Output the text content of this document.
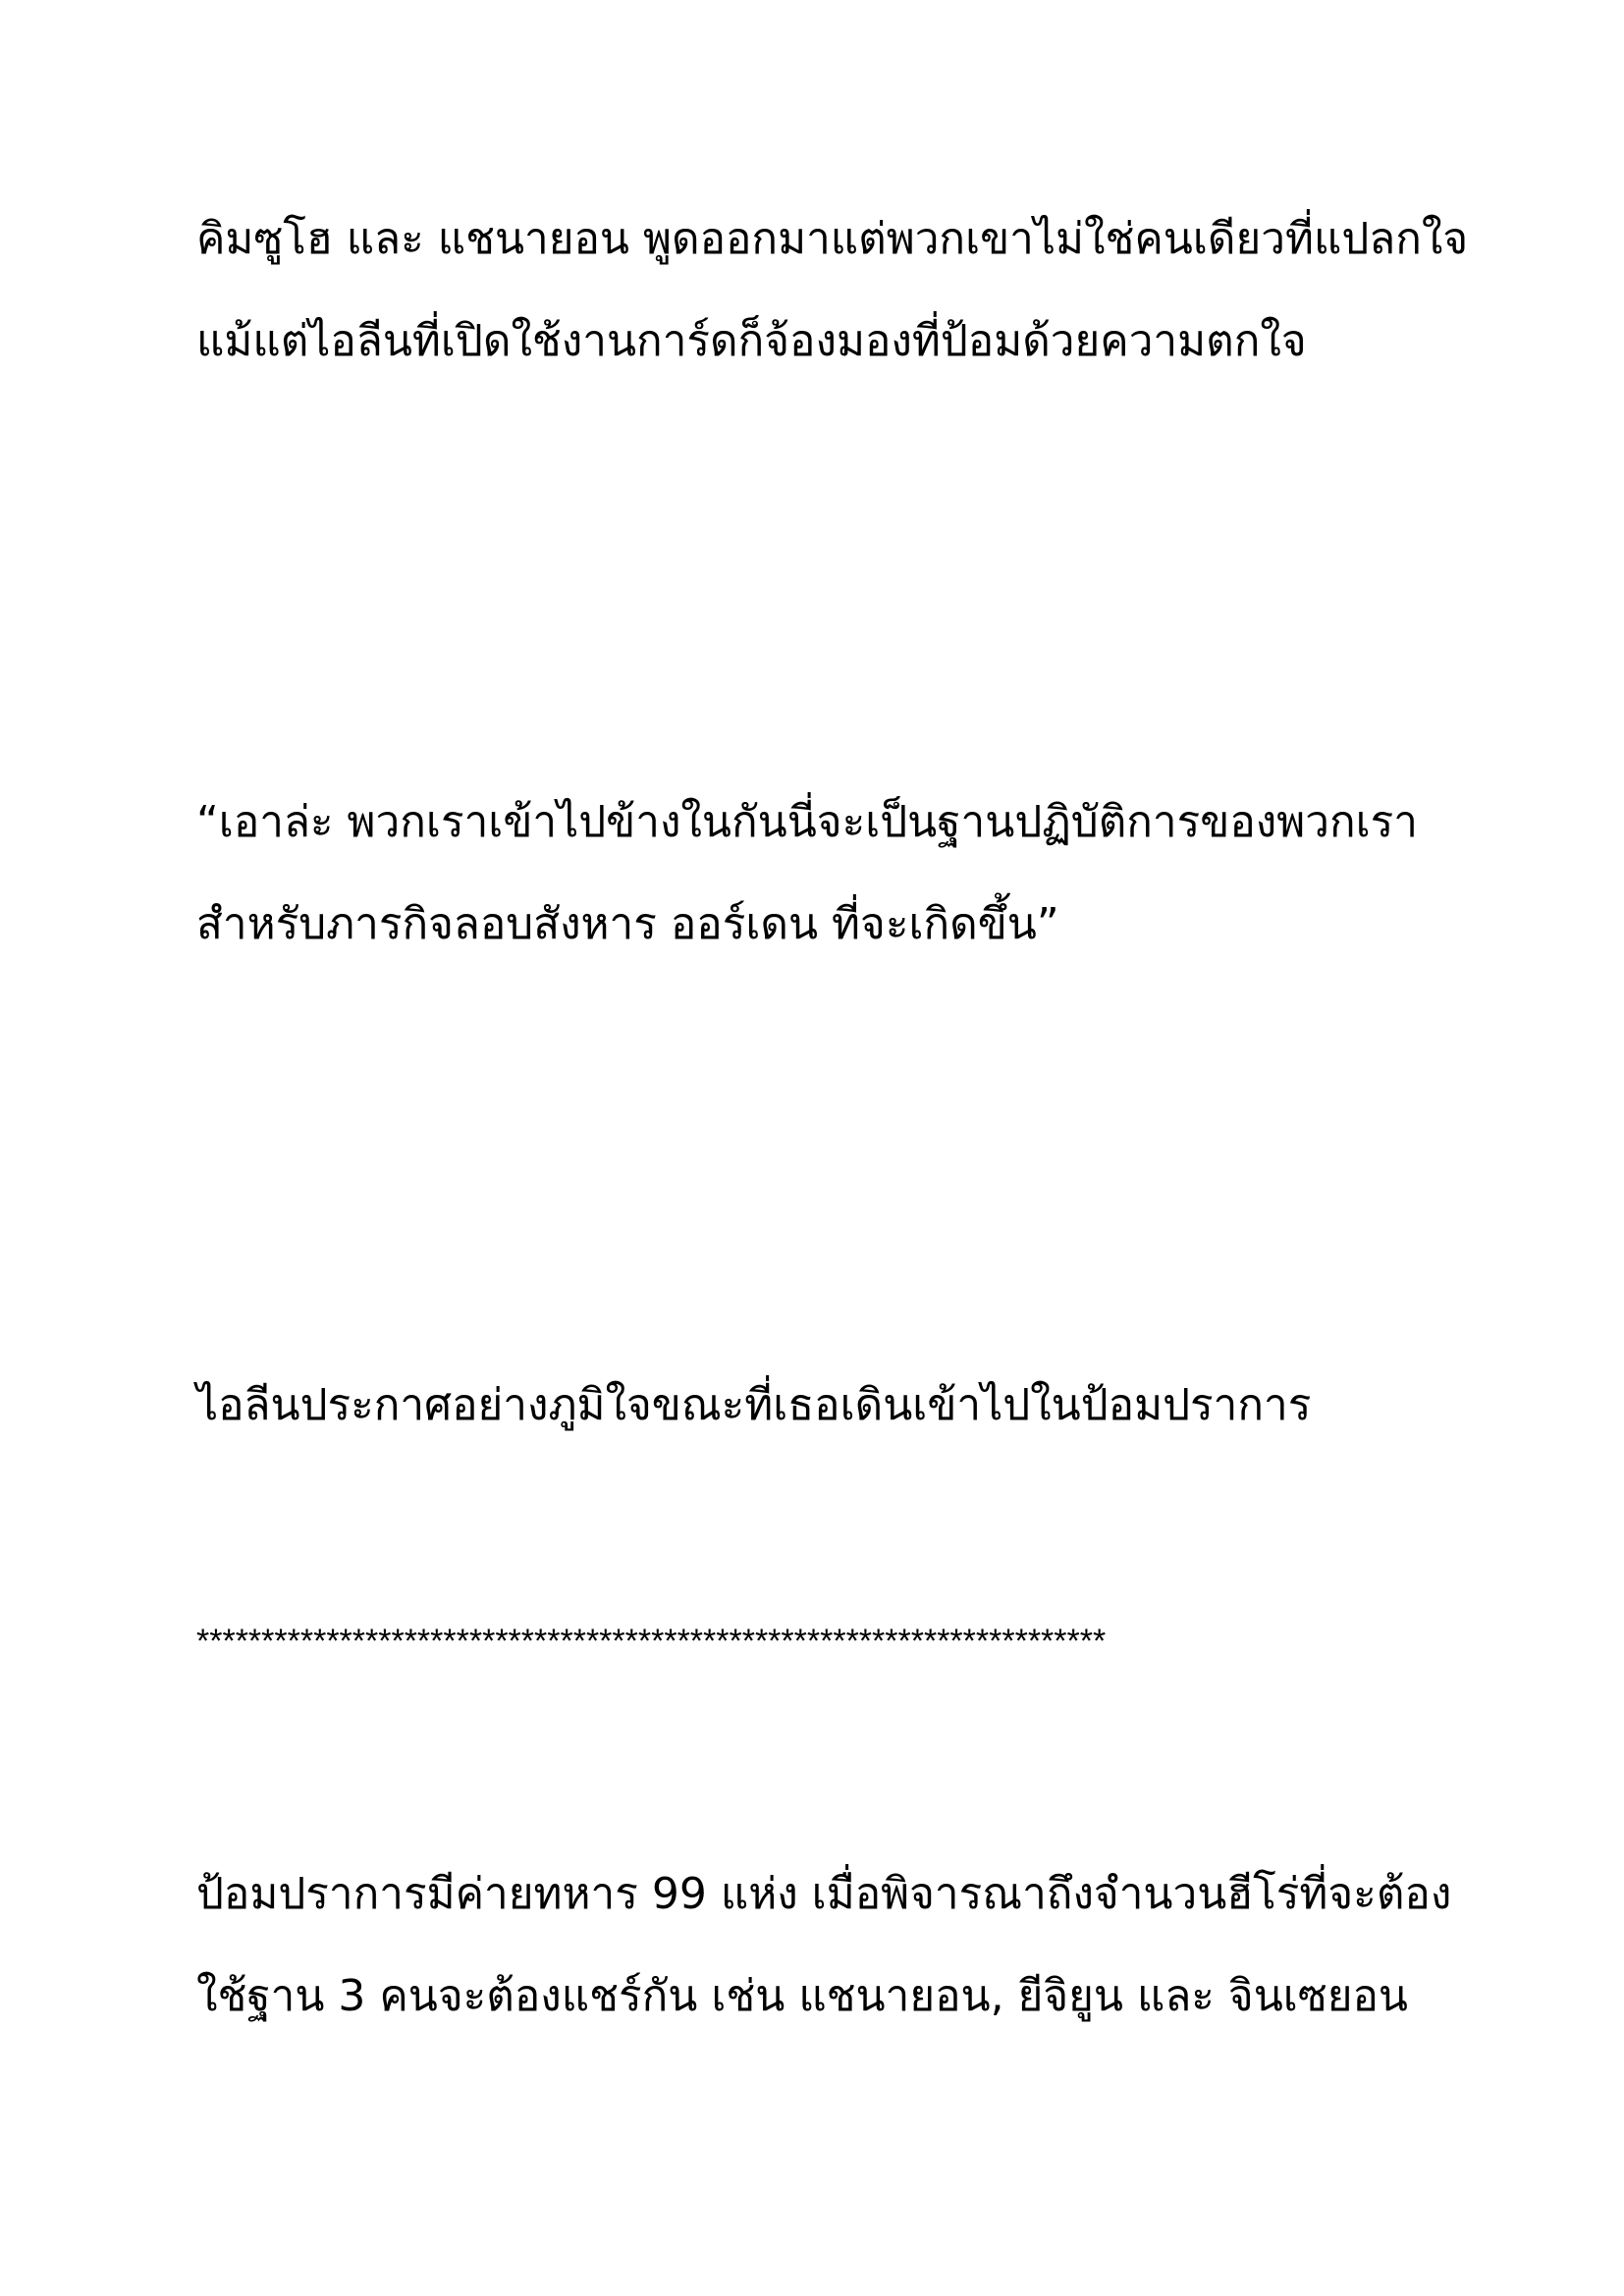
คิมซูโฮ และ แชนายอน พูดออกมาแต่พวกเขาไม่ใช่คนเดียวที่แปลกใจ
แม้แต่ไอลีนที่เปิดใช้งานการ์ดก็จ้องมองที่ป้อมด้วยความตกใจ
“เอาล่ะ พวกเราเข้าไปข้างในกันนี่จะเป็นฐานปฏิบัติการของพวกเรา
สำหรับภารกิจลอบสังหาร ออร์เดน ที่จะเกิดขึ้น”
ไอลีนประกาศอย่างภูมิใจขณะที่เธอเดินเข้าไปในป้อมปราการ
**********************************************************************
ป้อมปราการมีค่ายทหาร 99 แห่ง เมื่อพิจารณาถึงจำนวนฮีโร่ที่จะต้อง
ใช้ฐาน 3 คนจะต้องแชร์กัน เช่น แชนายอน, ยีจิยูน และ จินเซยอน
